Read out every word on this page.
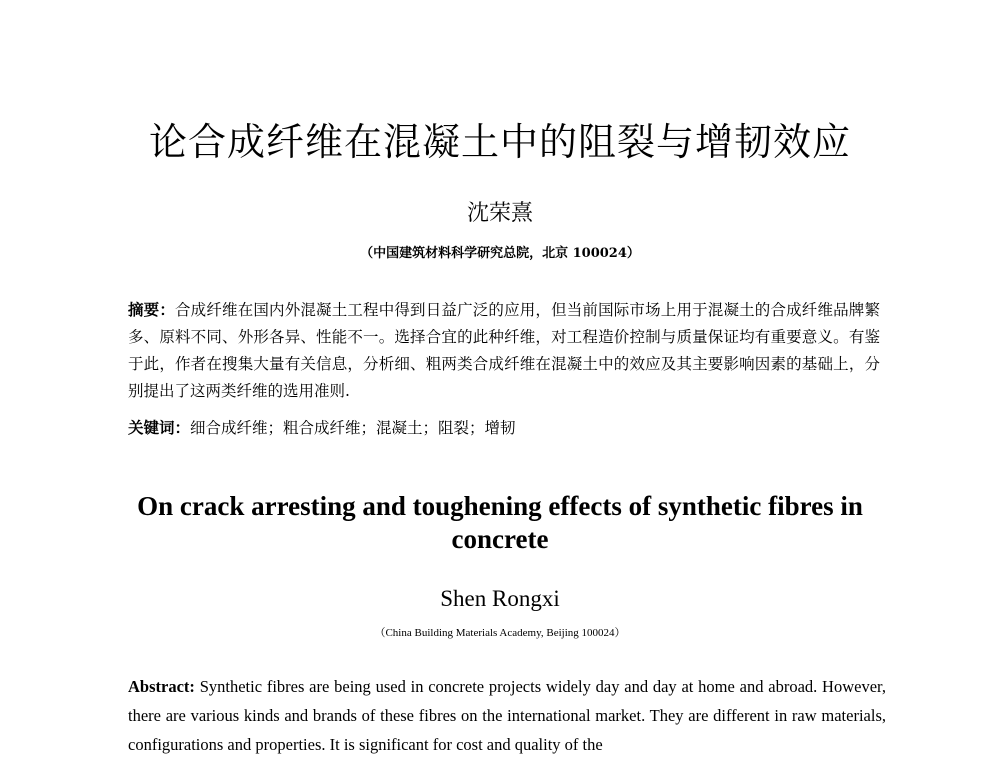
论合成纤维在混凝土中的阻裂与增韧效应
沈荣熹
（中国建筑材料科学研究总院，北京 100024）
摘要：合成纤维在国内外混凝土工程中得到日益广泛的应用，但当前国际市场上用于混凝土的合成纤维品牌繁多、原料不同、外形各异、性能不一。选择合宜的此种纤维，对工程造价控制与质量保证均有重要意义。有鉴于此，作者在搜集大量有关信息，分析细、粗两类合成纤维在混凝土中的效应及其主要影响因素的基础上，分别提出了这两类纤维的选用准则.
关键词：细合成纤维；粗合成纤维；混凝土；阻裂；增韧
On crack arresting and toughening effects of synthetic fibres in concrete
Shen Rongxi
（China Building Materials Academy, Beijing 100024）
Abstract: Synthetic fibres are being used in concrete projects widely day and day at home and abroad. However, there are various kinds and brands of these fibres on the international market. They are different in raw materials, configurations and properties. It is significant for cost and quality of the
